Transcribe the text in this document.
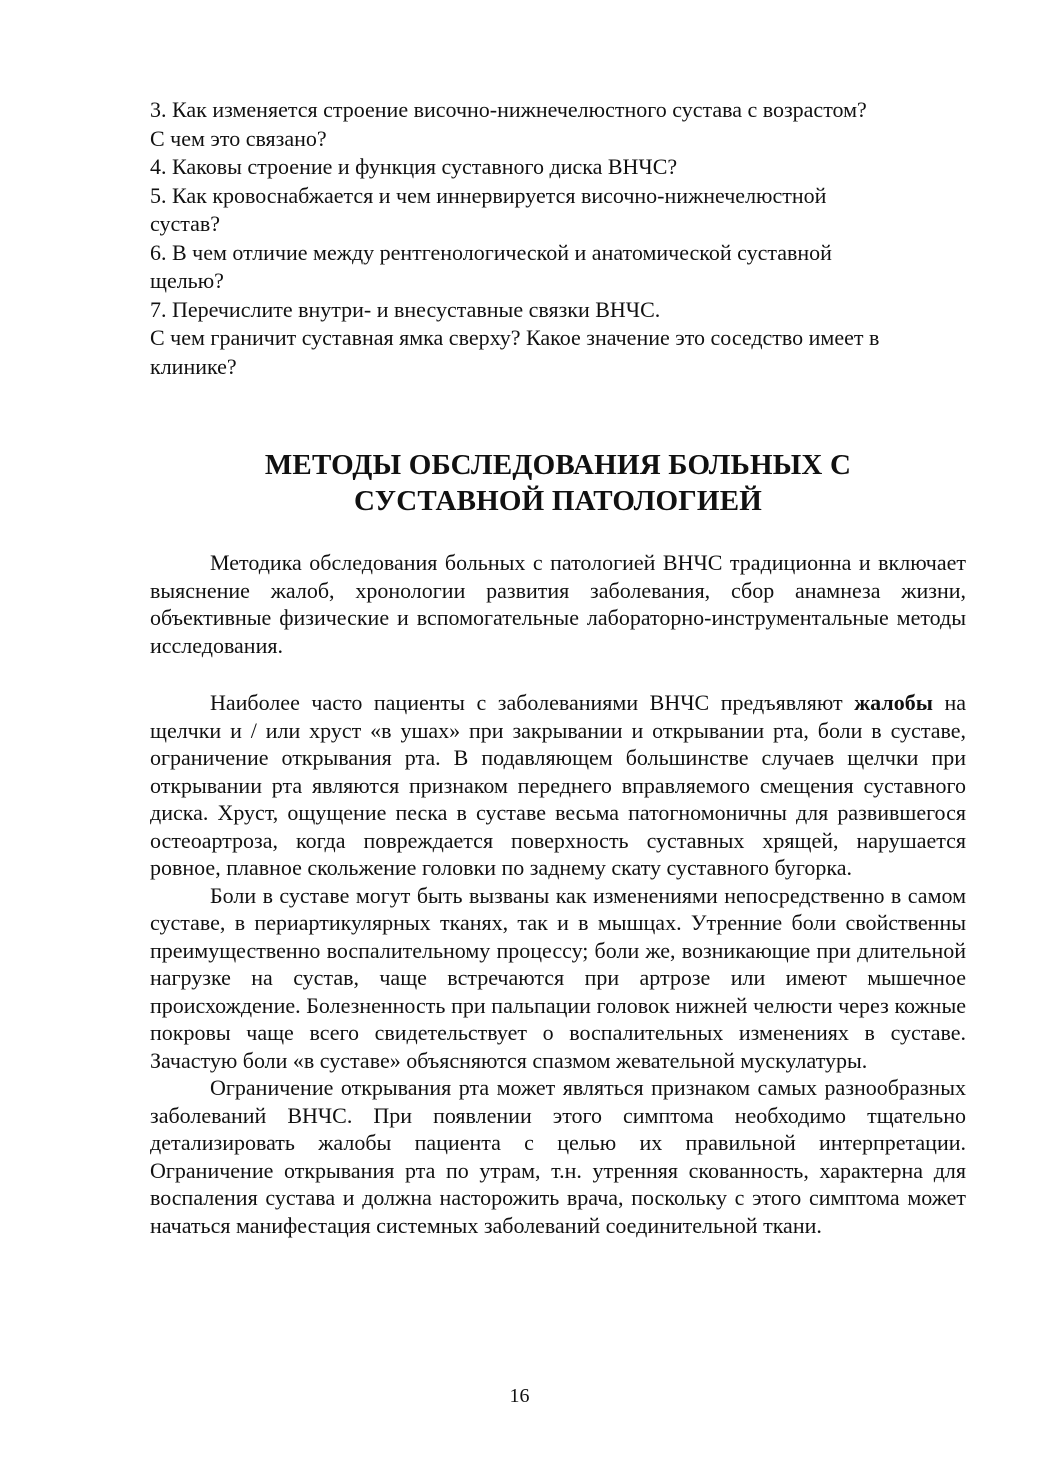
3. Как изменяется строение височно-нижнечелюстного сустава с возрастом?

С чем это связано?

4. Каковы строение и функция суставного диска ВНЧС?

5. Как кровоснабжается и чем иннервируется височно-нижнечелюстной

сустав?

6. В чем отличие между рентгенологической и анатомической суставной

щелью?

7. Перечислите внутри- и внесуставные связки ВНЧС.

С чем граничит суставная ямка сверху? Какое значение это соседство имеет в

клинике?

МЕТОДЫ ОБСЛЕДОВАНИЯ БОЛЬНЫХ С
СУСТАВНОЙ ПАТОЛОГИЕЙ

Методика обследования больных с патологией ВНЧС традиционна и включает выяснение жалоб, хронологии развития заболевания, сбор анамнеза жизни, объективные физические и вспомогательные лабораторно-инструментальные методы исследования.

Наиболее часто пациенты с заболеваниями ВНЧС предъявляют жалобы на щелчки и / или хруст «в ушах» при закрывании и открывании рта, боли в суставе, ограничение открывания рта. В подавляющем большинстве случаев щелчки при открывании рта являются признаком переднего вправляемого смещения суставного диска. Хруст, ощущение песка в суставе весьма патогномоничны для развившегося остеоартроза, когда повреждается поверхность суставных хрящей, нарушается ровное, плавное скольжение головки по заднему скату суставного бугорка.

Боли в суставе могут быть вызваны как изменениями непосредственно в самом суставе, в периартикулярных тканях, так и в мышцах. Утренние боли свойственны преимущественно воспалительному процессу; боли же, возникающие при длительной нагрузке на сустав, чаще встречаются при артрозе или имеют мышечное происхождение. Болезненность при пальпации головок нижней челюсти через кожные покровы чаще всего свидетельствует о воспалительных изменениях в суставе. Зачастую боли «в суставе» объясняются спазмом жевательной мускулатуры.

Ограничение открывания рта может являться признаком самых разнообразных заболеваний ВНЧС. При появлении этого симптома необходимо тщательно детализировать жалобы пациента с целью их правильной интерпретации. Ограничение открывания рта по утрам, т.н. утренняя скованность, характерна для воспаления сустава и должна насторожить врача, поскольку с этого симптома может начаться манифестация системных заболеваний соединительной ткани.

16
